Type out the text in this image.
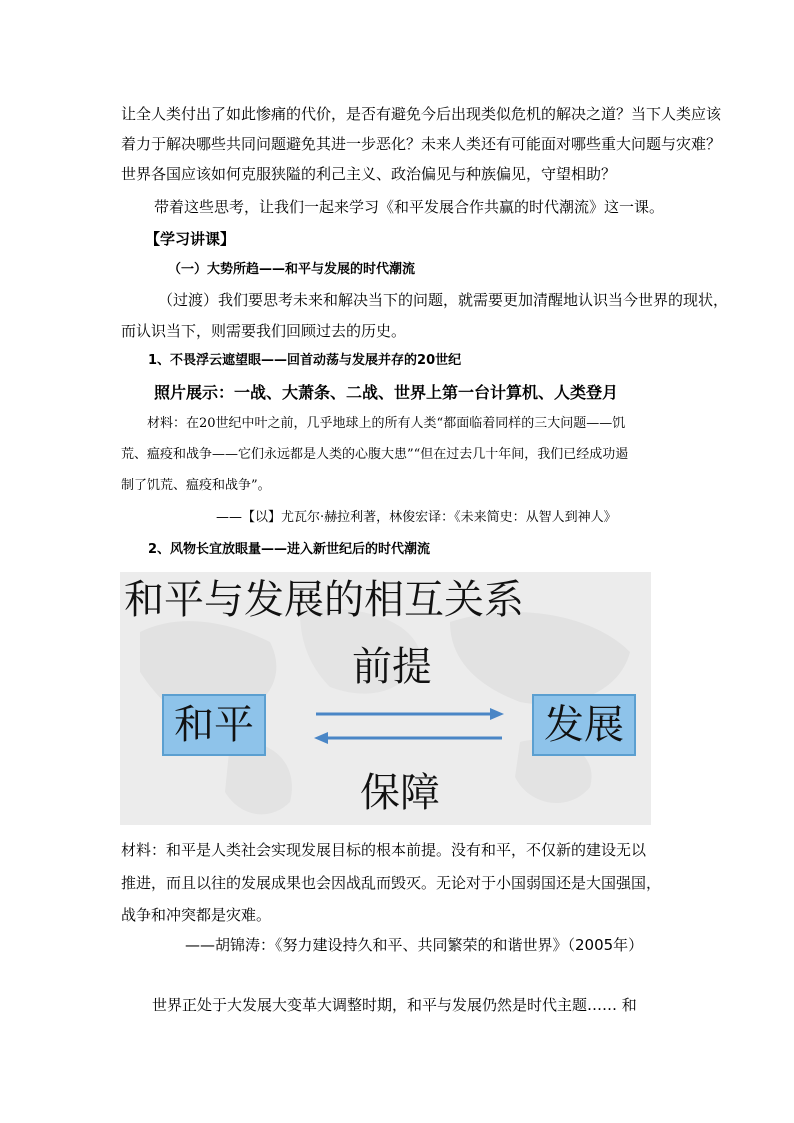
让全人类付出了如此惨痛的代价，是否有避免今后出现类似危机的解决之道？当下人类应该
着力于解决哪些共同问题避免其进一步恶化？未来人类还有可能面对哪些重大问题与灾难？
世界各国应该如何克服狭隘的利己主义、政治偏见与种族偏见，守望相助？
带着这些思考，让我们一起来学习《和平发展合作共赢的时代潮流》这一课。
【学习讲课】
（一）大势所趋——和平与发展的时代潮流
（过渡）我们要思考未来和解决当下的问题，就需要更加清醒地认识当今世界的现状，
而认识当下，则需要我们回顾过去的历史。
1、不畏浮云遮望眼——回首动荡与发展并存的20世纪
照片展示：一战、大萧条、二战、世界上第一台计算机、人类登月
材料：在20世纪中叶之前，几乎地球上的所有人类“都面临着同样的三大问题——饥
荒、瘟疫和战争——它们永远都是人类的心腹大患”“但在过去几十年间，我们已经成功遏
制了饥荒、瘟疫和战争”。
——【以】尤瓦尔·赫拉利著，林俊宏译：《未来简史：从智人到神人》
2、风物长宜放眼量——进入新世纪后的时代潮流
和平与发展的相互关系
前提
和平	发展
保障
材料：和平是人类社会实现发展目标的根本前提。没有和平，不仅新的建设无以
推进，而且以往的发展成果也会因战乱而毁灭。无论对于小国弱国还是大国强国，
战争和冲突都是灾难。
——胡锦涛：《努力建设持久和平、共同繁荣的和谐世界》（2005年）
世界正处于大发展大变革大调整时期，和平与发展仍然是时代主题…… 和
